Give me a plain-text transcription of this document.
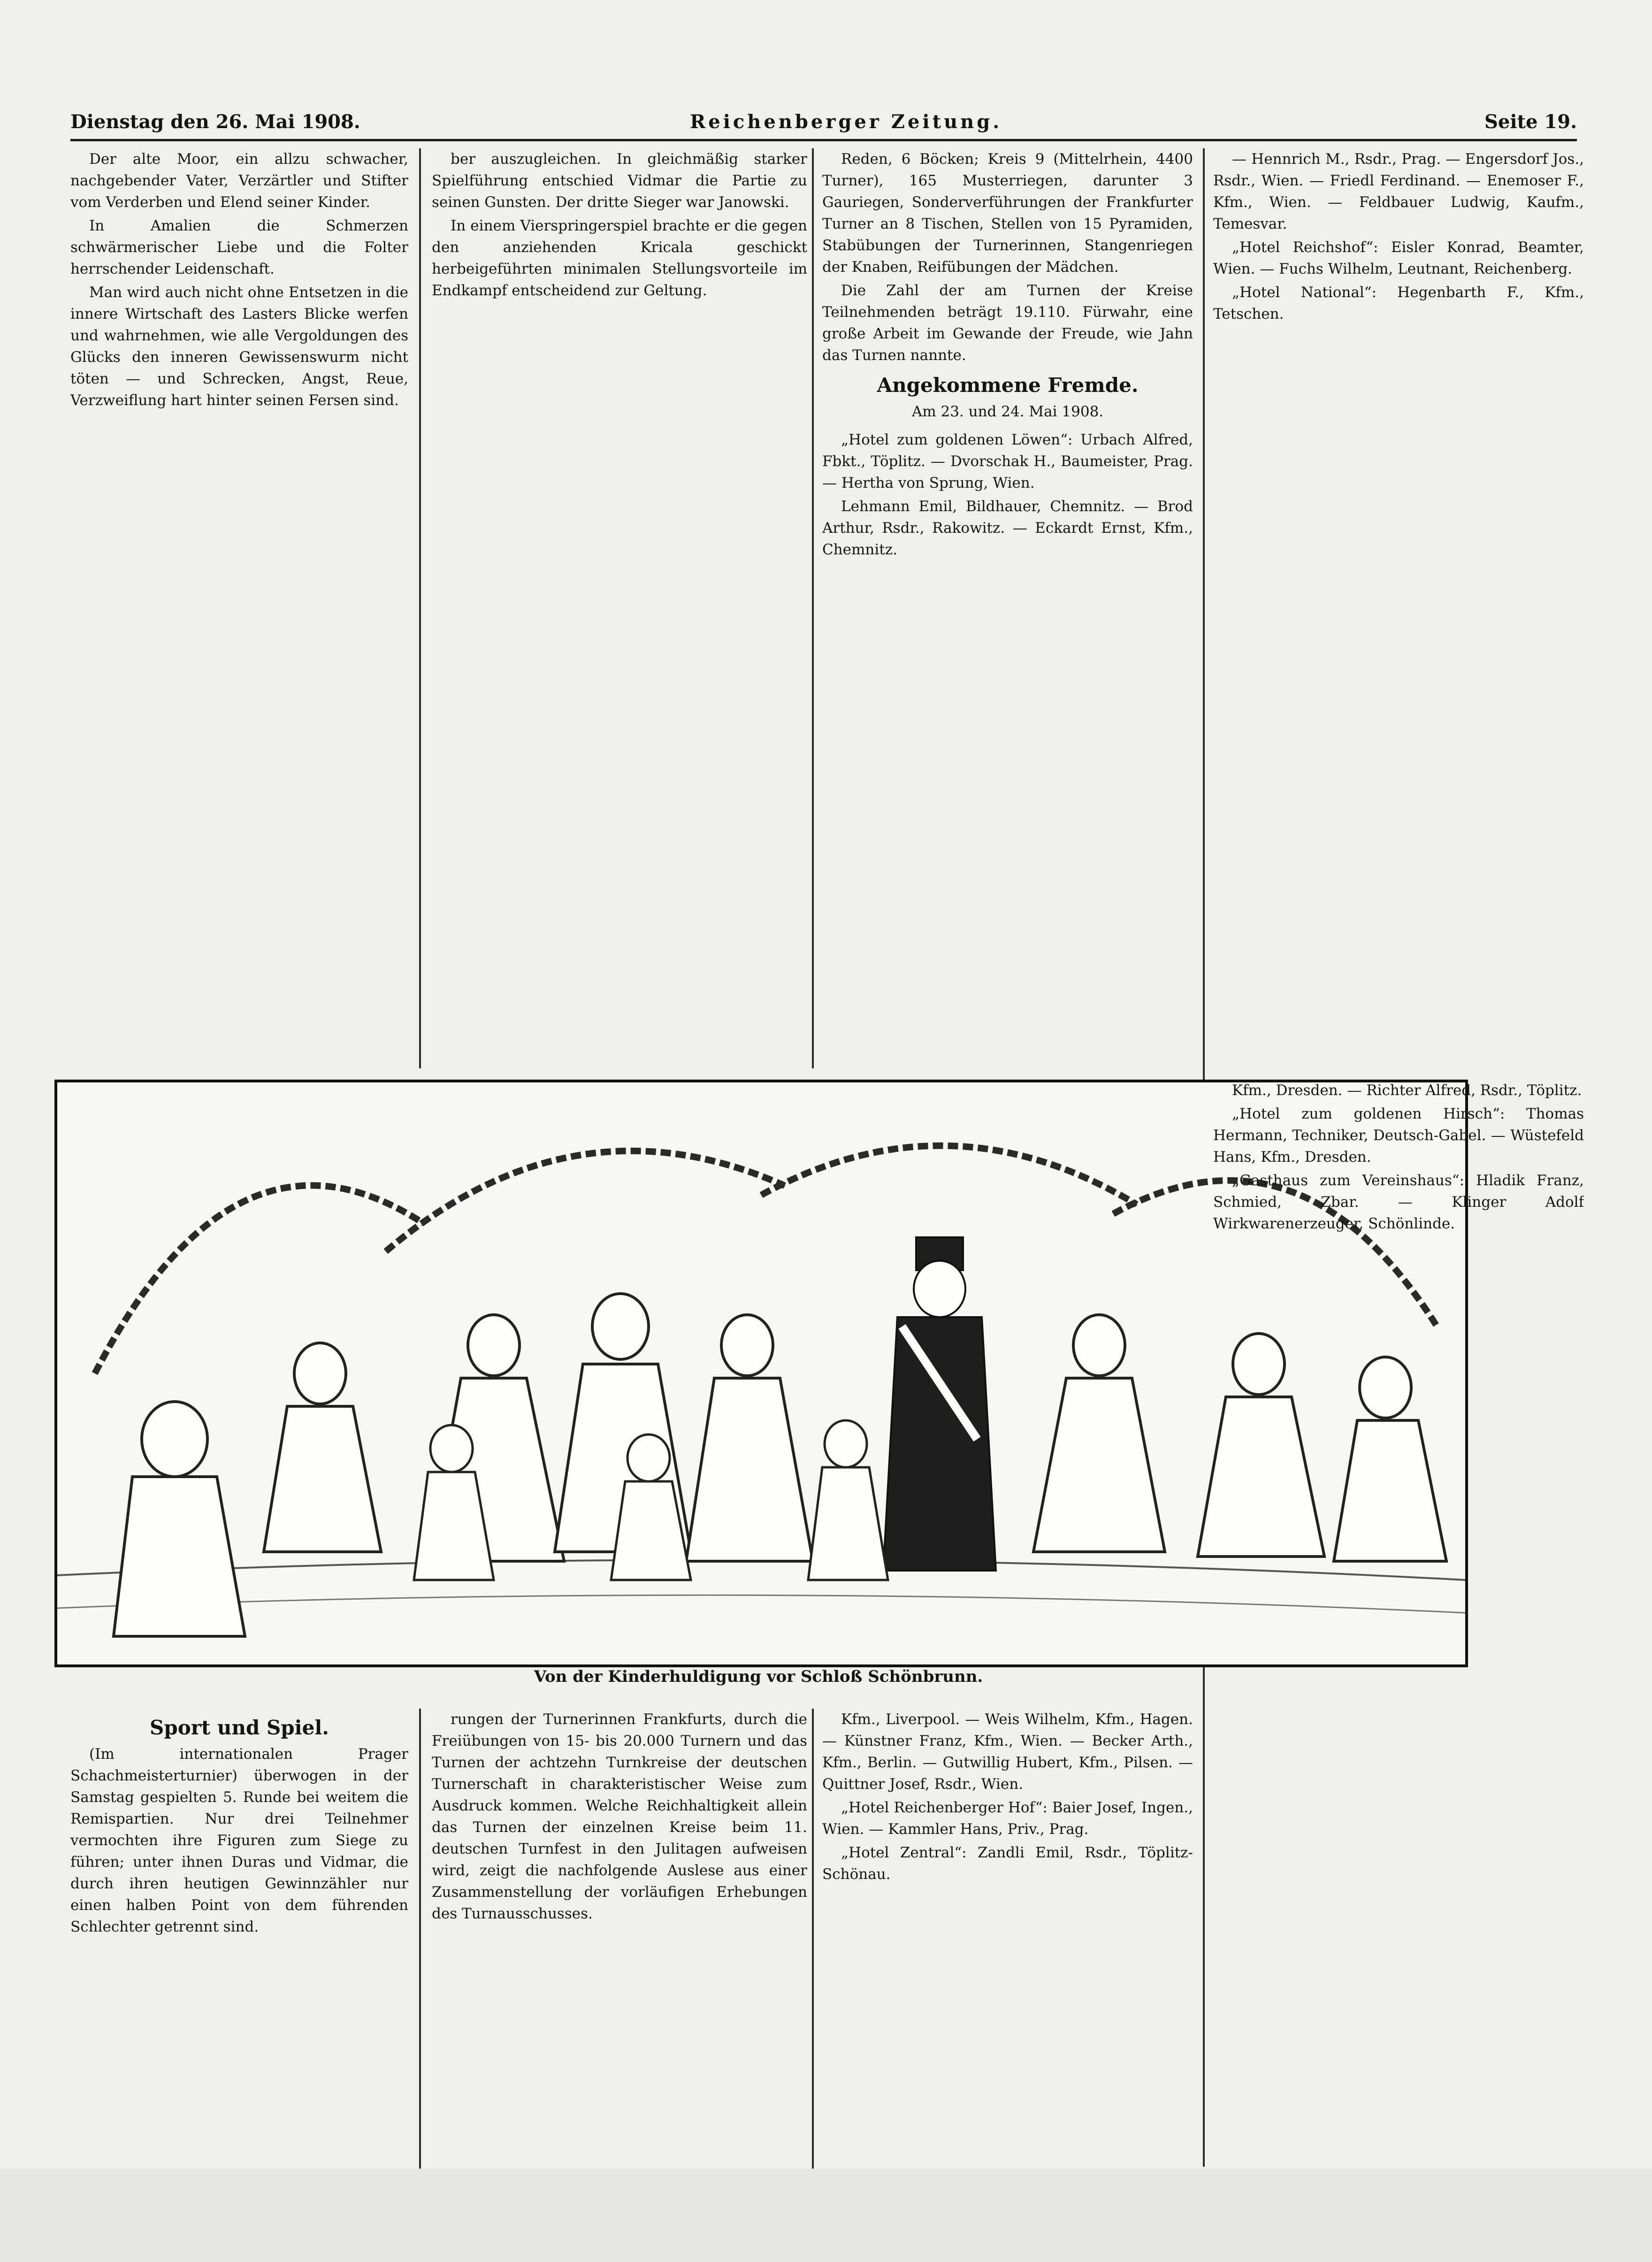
Dienstag den 26. Mai 1908.	Reichenberger Zeitung.	Seite 19.

Der alte Moor, ein allzu schwacher, nachgebender Vater, Verzärtler und Stifter vom Verderben und Elend seiner Kinder.

In Amalien die Schmerzen schwärmerischer Liebe und die Folter herrschender Leidenschaft.

Man wird auch nicht ohne Entsetzen in die innere Wirtschaft des Lasters Blicke werfen und wahrnehmen, wie alle Vergoldungen des Glücks den inneren Gewissenswurm nicht töten — und Schrecken, Angst, Reue, Verzweiflung hart hinter seinen Fersen sind.

ber auszugleichen. In gleichmäßig starker Spielführung entschied Vidmar die Partie zu seinen Gunsten. Der dritte Sieger war Janowski.

In einem Vierspringerspiel brachte er die gegen den anziehenden Kricala geschickt herbeigeführten minimalen Stellungsvorteile im Endkampf entscheidend zur Geltung.

Reden, 6 Böcken; Kreis 9 (Mittelrhein, 4400 Turner), 165 Musterriegen, darunter 3 Gauriegen, Sonderverführungen der Frankfurter Turner an 8 Tischen, Stellen von 15 Pyramiden, Stabübungen der Turnerinnen, Stangenriegen der Knaben, Reifübungen der Mädchen.

Die Zahl der am Turnen der Kreise Teilnehmenden beträgt 19.110. Fürwahr, eine große Arbeit im Gewande der Freude, wie Jahn das Turnen nannte.

Angekommene Fremde.
Am 23. und 24. Mai 1908.

„Hotel zum goldenen Löwen“: Urbach Alfred, Fbkt., Töplitz. — Dvorschak H., Baumeister, Prag. — Hertha von Sprung, Wien.

Lehmann Emil, Bildhauer, Chemnitz. — Brod Arthur, Rsdr., Rakowitz. — Eckardt Ernst, Kfm., Chemnitz.

— Hennrich M., Rsdr., Prag. — Engersdorf Jos., Rsdr., Wien. — Friedl Ferdinand. — Enemoser F., Kfm., Wien. — Feldbauer Ludwig, Kaufm., Temesvar.

„Hotel Reichshof“: Eisler Konrad, Beamter, Wien. — Fuchs Wilhelm, Leutnant, Reichenberg.

„Hotel National“: Hegenbarth F., Kfm., Tetschen.

Von der Kinderhuldigung vor Schloß Schönbrunn.
Sport und Spiel.

(Im internationalen Prager Schachmeisterturnier) überwogen in der Samstag gespielten 5. Runde bei weitem die Remispartien. Nur drei Teilnehmer vermochten ihre Figuren zum Siege zu führen; unter ihnen Duras und Vidmar, die durch ihren heutigen Gewinnzähler nur einen halben Point von dem führenden Schlechter getrennt sind.

rungen der Turnerinnen Frankfurts, durch die Freiübungen von 15- bis 20.000 Turnern und das Turnen der achtzehn Turnkreise der deutschen Turnerschaft in charakteristischer Weise zum Ausdruck kommen. Welche Reichhaltigkeit allein das Turnen der einzelnen Kreise beim 11. deutschen Turnfest in den Julitagen aufweisen wird, zeigt die nachfolgende Auslese aus einer Zusammenstellung der vorläufigen Erhebungen des Turnausschusses.

Kfm., Liverpool. — Weis Wilhelm, Kfm., Hagen. — Künstner Franz, Kfm., Wien. — Becker Arth., Kfm., Berlin. — Gutwillig Hubert, Kfm., Pilsen. — Quittner Josef, Rsdr., Wien.

„Hotel Reichenberger Hof“: Baier Josef, Ingen., Wien. — Kammler Hans, Priv., Prag.

„Hotel Zentral“: Zandli Emil, Rsdr., Töplitz-Schönau.

Kfm., Dresden. — Richter Alfred, Rsdr., Töplitz.

„Hotel zum goldenen Hirsch“: Thomas Hermann, Techniker, Deutsch-Gabel. — Wüstefeld Hans, Kfm., Dresden.

„Gasthaus zum Vereinshaus“: Hladik Franz, Schmied, Zbar. — Klinger Adolf Wirkwarenerzeuger, Schönlinde.
